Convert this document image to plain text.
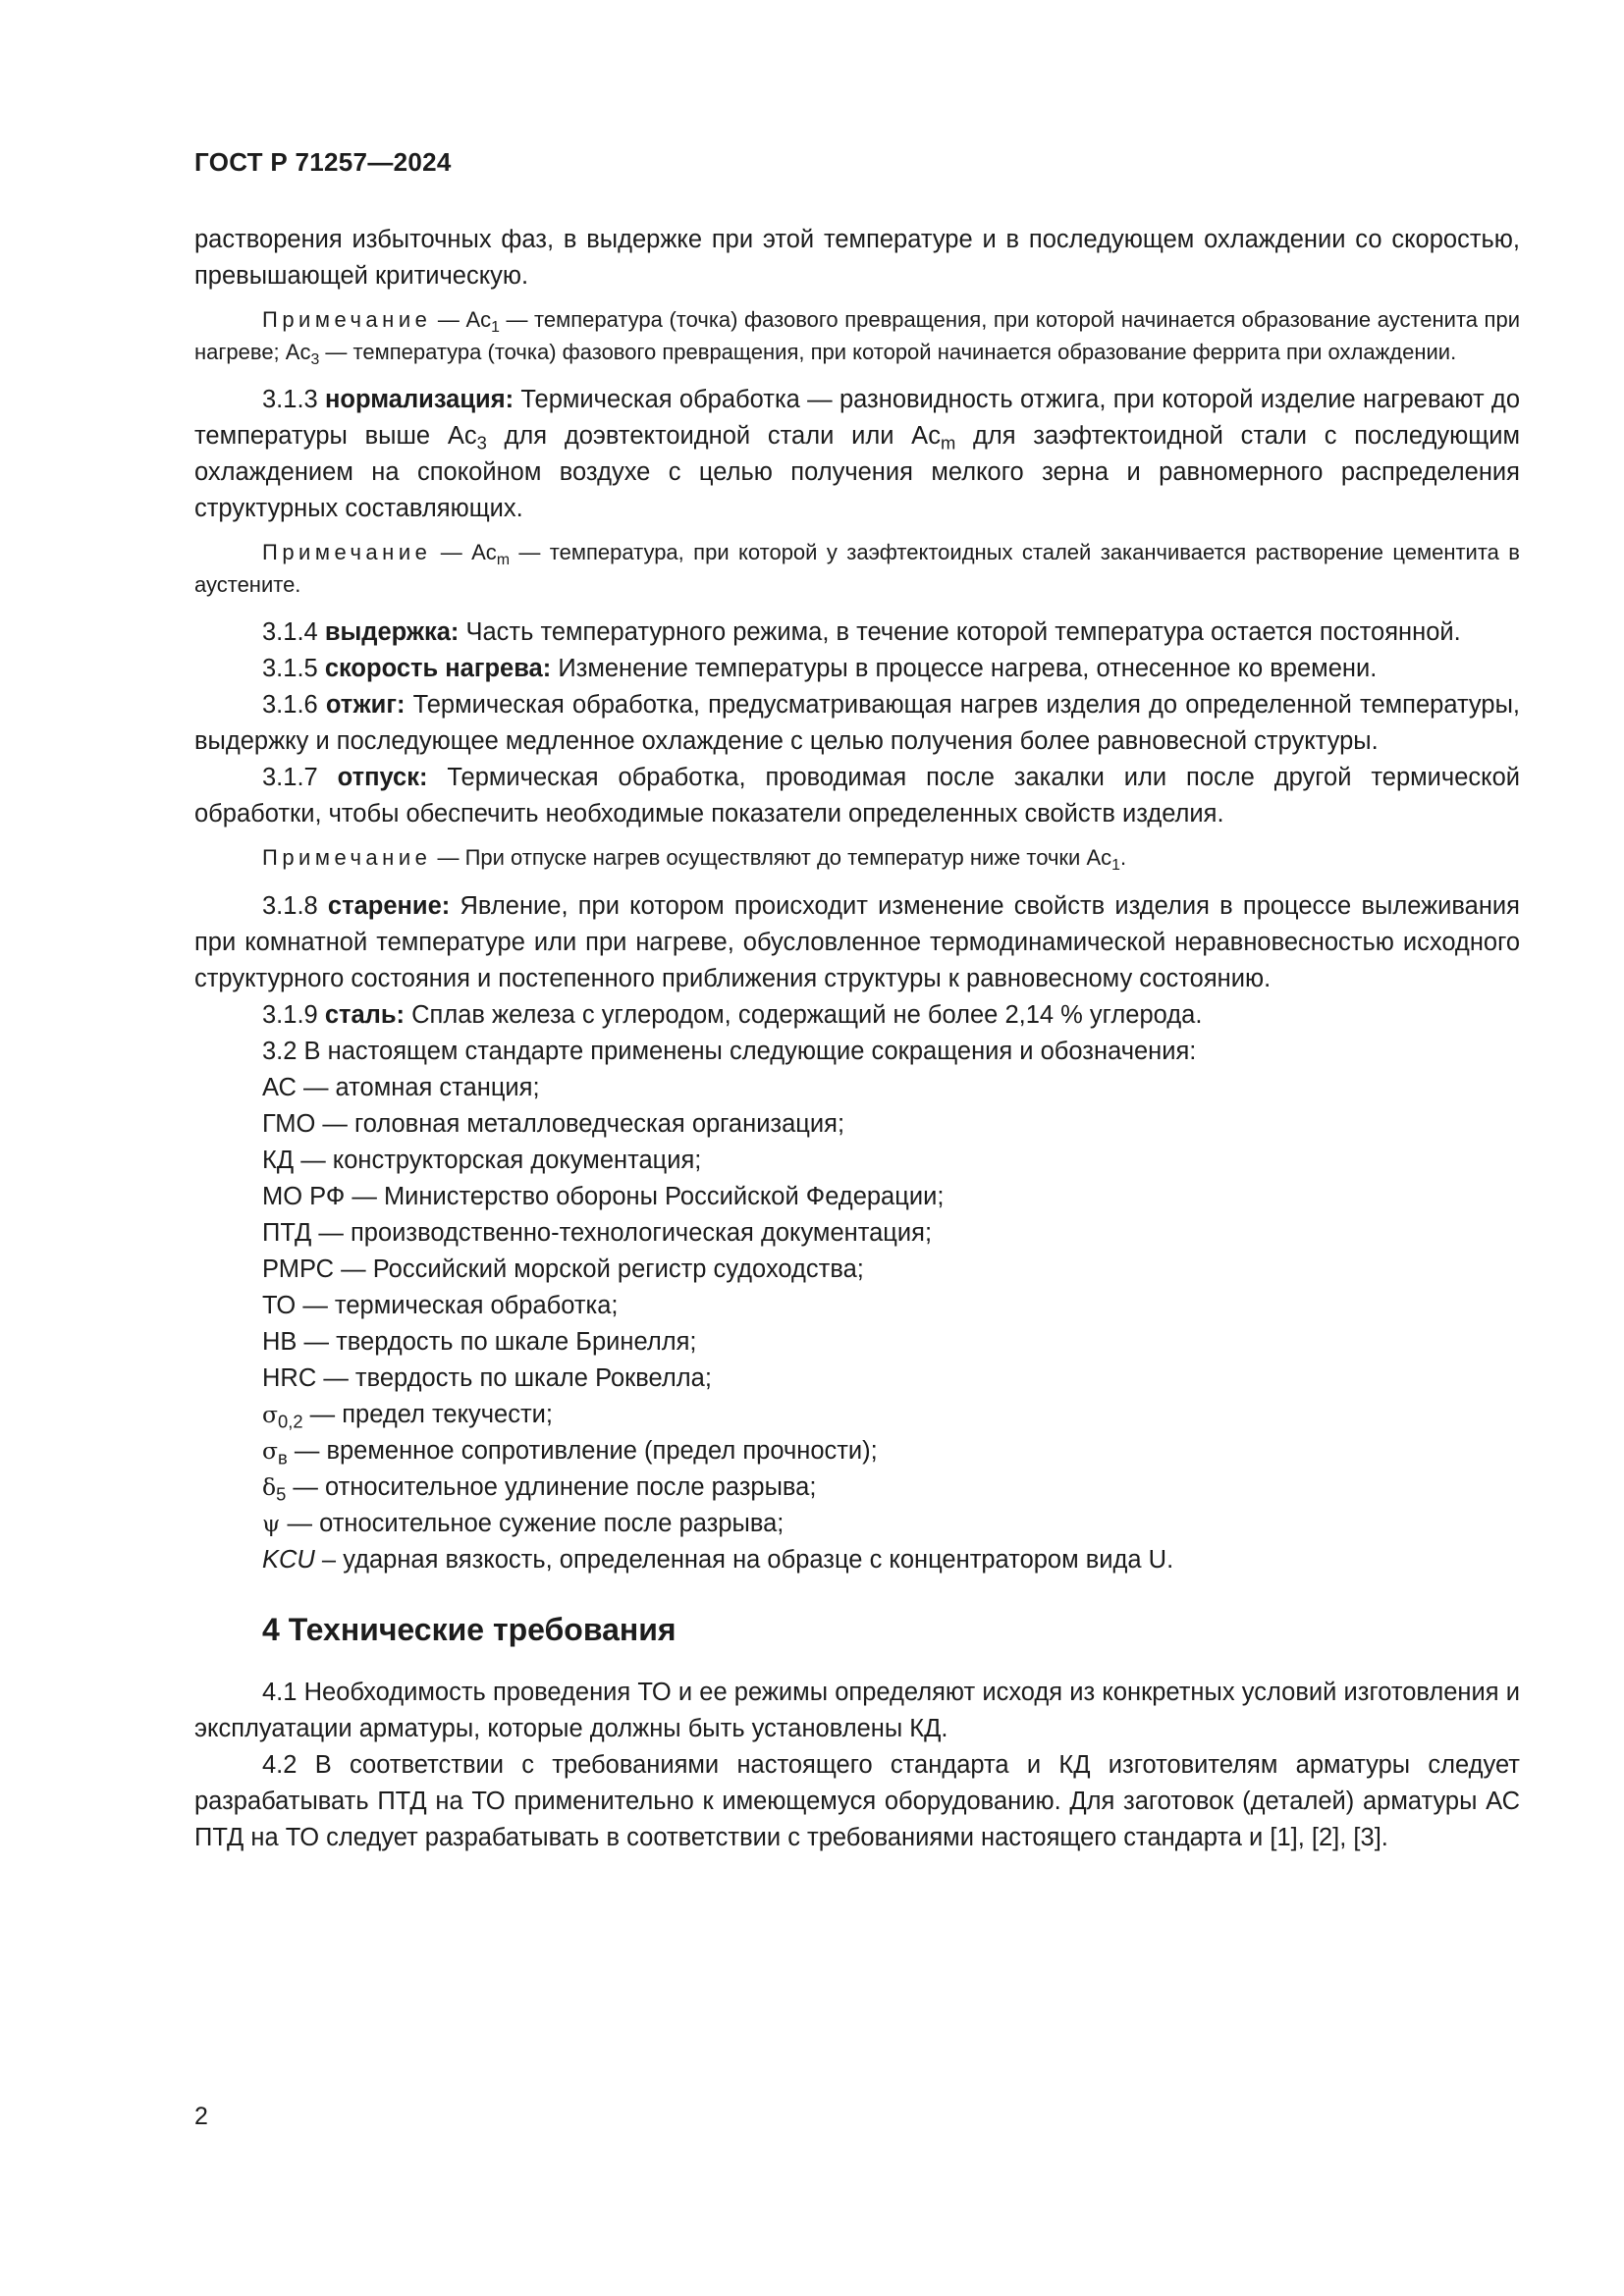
ГОСТ Р 71257—2024

растворения избыточных фаз, в выдержке при этой температуре и в последующем охлаждении со скоростью, превышающей критическую.

Примечание — $Ac_1$ — температура (точка) фазового превращения, при которой начинается образование аустенита при нагреве; $Ac_3$ — температура (точка) фазового превращения, при которой начинается образование феррита при охлаждении.

3.1.3 нормализация: Термическая обработка — разновидность отжига, при которой изделие нагревают до температуры выше $Ac_3$ для доэвтектоидной стали или $Ac_m$ для заэфтектоидной стали с последующим охлаждением на спокойном воздухе с целью получения мелкого зерна и равномерного распределения структурных составляющих.

Примечание — $Ac_m$ — температура, при которой у заэфтектоидных сталей заканчивается растворение цементита в аустените.

3.1.4 выдержка: Часть температурного режима, в течение которой температура остается постоянной.

3.1.5 скорость нагрева: Изменение температуры в процессе нагрева, отнесенное ко времени.

3.1.6 отжиг: Термическая обработка, предусматривающая нагрев изделия до определенной температуры, выдержку и последующее медленное охлаждение с целью получения более равновесной структуры.

3.1.7 отпуск: Термическая обработка, проводимая после закалки или после другой термической обработки, чтобы обеспечить необходимые показатели определенных свойств изделия.

Примечание — При отпуске нагрев осуществляют до температур ниже точки $Ac_1$.

3.1.8 старение: Явление, при котором происходит изменение свойств изделия в процессе вылеживания при комнатной температуре или при нагреве, обусловленное термодинамической неравновесностью исходного структурного состояния и постепенного приближения структуры к равновесному состоянию.

3.1.9 сталь: Сплав железа с углеродом, содержащий не более 2,14 % углерода.

3.2 В настоящем стандарте применены следующие сокращения и обозначения:

АС — атомная станция;

ГМО — головная металловедческая организация;

КД — конструкторская документация;

МО РФ — Министерство обороны Российской Федерации;

ПТД — производственно-технологическая документация;

РМРС — Российский морской регистр судоходства;

ТО — термическая обработка;

HB — твердость по шкале Бринелля;

HRC — твердость по шкале Роквелла;

$\sigma_{0,2}$ — предел текучести;

$\sigma_в$ — временное сопротивление (предел прочности);

$\delta_5$ — относительное удлинение после разрыва;

ψ — относительное сужение после разрыва;

KCU – ударная вязкость, определенная на образце с концентратором вида U.

4 Технические требования

4.1 Необходимость проведения ТО и ее режимы определяют исходя из конкретных условий изготовления и эксплуатации арматуры, которые должны быть установлены КД.

4.2 В соответствии с требованиями настоящего стандарта и КД изготовителям арматуры следует разрабатывать ПТД на ТО применительно к имеющемуся оборудованию. Для заготовок (деталей) арматуры АС ПТД на ТО следует разрабатывать в соответствии с требованиями настоящего стандарта и [1], [2], [3].

2
